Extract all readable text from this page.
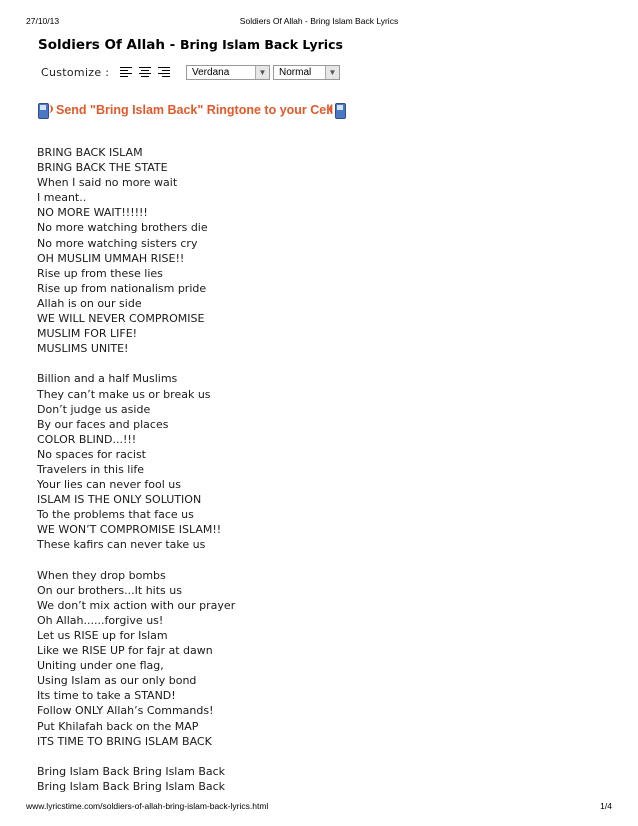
27/10/13	Soldiers Of Allah - Bring Islam Back Lyrics
Soldiers Of Allah - Bring Islam Back Lyrics
Customize :	Verdana	▼ Normal	▼
Send "Bring Islam Back" Ringtone to your Cell
BRING BACK ISLAM
BRING BACK THE STATE
When I said no more wait
I meant..
NO MORE WAIT!!!!!!
No more watching brothers die
No more watching sisters cry
OH MUSLIM UMMAH RISE!!
Rise up from these lies
Rise up from nationalism pride
Allah is on our side
WE WILL NEVER COMPROMISE
MUSLIM FOR LIFE!
MUSLIMS UNITE!
Billion and a half Muslims
They can’t make us or break us
Don’t judge us aside
By our faces and places
COLOR BLIND...!!!
No spaces for racist
Travelers in this life
Your lies can never fool us
ISLAM IS THE ONLY SOLUTION
To the problems that face us
WE WON’T COMPROMISE ISLAM!!
These kafirs can never take us
When they drop bombs
On our brothers...It hits us
We don’t mix action with our prayer
Oh Allah......forgive us!
Let us RISE up for Islam
Like we RISE UP for fajr at dawn
Uniting under one flag,
Using Islam as our only bond
Its time to take a STAND!
Follow ONLY Allah’s Commands!
Put Khilafah back on the MAP
ITS TIME TO BRING ISLAM BACK
Bring Islam Back Bring Islam Back
Bring Islam Back Bring Islam Back
www.lyricstime.com/soldiers-of-allah-bring-islam-back-lyrics.html	1/4
